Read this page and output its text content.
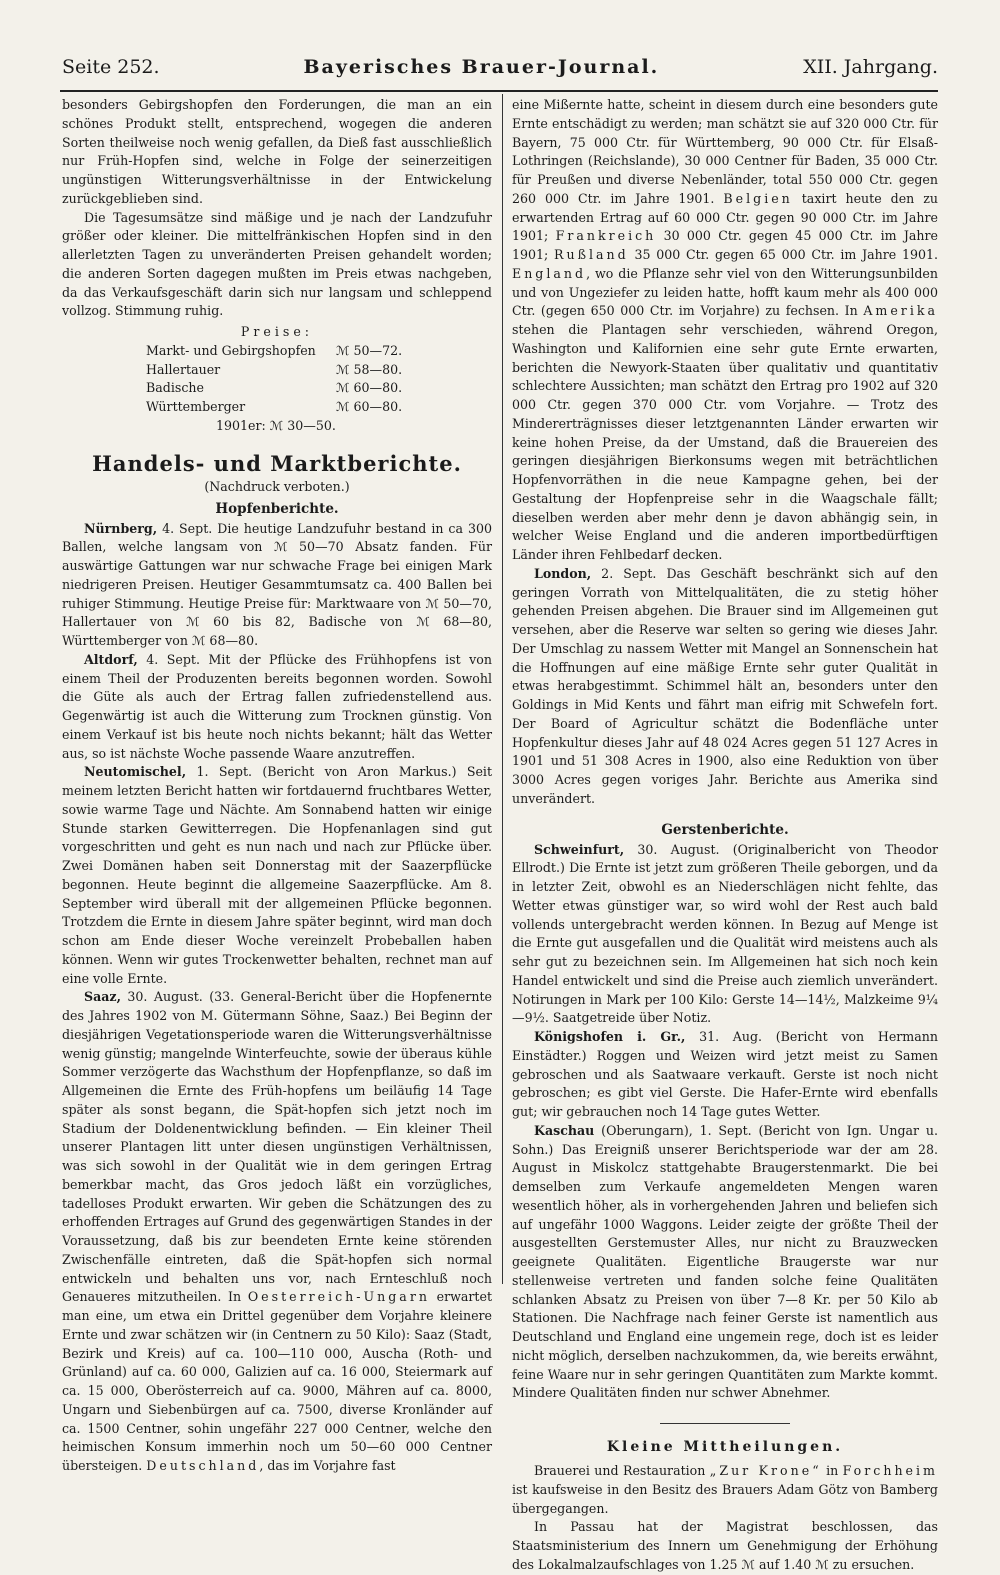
Seite 252.	Bayerisches Brauer-Journal.	XII. Jahrgang.

besonders Gebirgshopfen den Forderungen, die man an ein schönes Produkt stellt, entsprechend, wogegen die anderen Sorten theilweise noch wenig gefallen, da Dieß fast ausschließlich nur Früh-Hopfen sind, welche in Folge der seinerzeitigen ungünstigen Witterungsverhältnisse in der Entwickelung zurückgeblieben sind.

Die Tagesumsätze sind mäßige und je nach der Landzufuhr größer oder kleiner. Die mittelfränkischen Hopfen sind in den allerletzten Tagen zu unveränderten Preisen gehandelt worden; die anderen Sorten dagegen mußten im Preis etwas nachgeben, da das Verkaufsgeschäft darin sich nur langsam und schleppend vollzog. Stimmung ruhig.

Preise:
Markt- und Gebirgshopfen	ℳ 50—72.
Hallertauer	ℳ 58—80.
Badische	ℳ 60—80.
Württemberger	ℳ 60—80.
1901er: ℳ 30—50.
Handels- und Marktberichte.
(Nachdruck verboten.)
Hopfenberichte.

Nürnberg, 4. Sept. Die heutige Landzufuhr bestand in ca 300 Ballen, welche langsam von ℳ 50—70 Absatz fanden. Für auswärtige Gattungen war nur schwache Frage bei einigen Mark niedrigeren Preisen. Heutiger Gesammtumsatz ca. 400 Ballen bei ruhiger Stimmung. Heutige Preise für: Marktwaare von ℳ 50—70, Hallertauer von ℳ 60 bis 82, Badische von ℳ 68—80, Württemberger von ℳ 68—80.

Altdorf, 4. Sept. Mit der Pflücke des Frühhopfens ist von einem Theil der Produzenten bereits begonnen worden. Sowohl die Güte als auch der Ertrag fallen zufriedenstellend aus. Gegenwärtig ist auch die Witterung zum Trocknen günstig. Von einem Verkauf ist bis heute noch nichts bekannt; hält das Wetter aus, so ist nächste Woche passende Waare anzutreffen.

Neutomischel, 1. Sept. (Bericht von Aron Markus.) Seit meinem letzten Bericht hatten wir fortdauernd fruchtbares Wetter, sowie warme Tage und Nächte. Am Sonnabend hatten wir einige Stunde starken Gewitterregen. Die Hopfenanlagen sind gut vorgeschritten und geht es nun nach und nach zur Pflücke über. Zwei Domänen haben seit Donnerstag mit der Saazerpflücke begonnen. Heute beginnt die allgemeine Saazerpflücke. Am 8. September wird überall mit der allgemeinen Pflücke begonnen. Trotzdem die Ernte in diesem Jahre später beginnt, wird man doch schon am Ende dieser Woche vereinzelt Probeballen haben können. Wenn wir gutes Trockenwetter behalten, rechnet man auf eine volle Ernte.

Saaz, 30. August. (33. General-Bericht über die Hopfenernte des Jahres 1902 von M. Gütermann Söhne, Saaz.) Bei Beginn der diesjährigen Vegetationsperiode waren die Witterungsverhältnisse wenig günstig; mangelnde Winterfeuchte, sowie der überaus kühle Sommer verzögerte das Wachsthum der Hopfenpflanze, so daß im Allgemeinen die Ernte des Früh-hopfens um beiläufig 14 Tage später als sonst begann, die Spät-hopfen sich jetzt noch im Stadium der Doldenentwicklung befinden. — Ein kleiner Theil unserer Plantagen litt unter diesen ungünstigen Verhältnissen, was sich sowohl in der Qualität wie in dem geringen Ertrag bemerkbar macht, das Gros jedoch läßt ein vorzügliches, tadelloses Produkt erwarten. Wir geben die Schätzungen des zu erhoffenden Ertrages auf Grund des gegenwärtigen Standes in der Voraussetzung, daß bis zur beendeten Ernte keine störenden Zwischenfälle eintreten, daß die Spät-hopfen sich normal entwickeln und behalten uns vor, nach Ernteschluß noch Genaueres mitzutheilen. In Oesterreich-Ungarn erwartet man eine, um etwa ein Drittel gegenüber dem Vorjahre kleinere Ernte und zwar schätzen wir (in Centnern zu 50 Kilo): Saaz (Stadt, Bezirk und Kreis) auf ca. 100—110 000, Auscha (Roth- und Grünland) auf ca. 60 000, Galizien auf ca. 16 000, Steiermark auf ca. 15 000, Oberösterreich auf ca. 9000, Mähren auf ca. 8000, Ungarn und Siebenbürgen auf ca. 7500, diverse Kronländer auf ca. 1500 Centner, sohin ungefähr 227 000 Centner, welche den heimischen Konsum immerhin noch um 50—60 000 Centner übersteigen. Deutschland, das im Vorjahre fast

eine Mißernte hatte, scheint in diesem durch eine besonders gute Ernte entschädigt zu werden; man schätzt sie auf 320 000 Ctr. für Bayern, 75 000 Ctr. für Württemberg, 90 000 Ctr. für Elsaß-Lothringen (Reichslande), 30 000 Centner für Baden, 35 000 Ctr. für Preußen und diverse Nebenländer, total 550 000 Ctr. gegen 260 000 Ctr. im Jahre 1901. Belgien taxirt heute den zu erwartenden Ertrag auf 60 000 Ctr. gegen 90 000 Ctr. im Jahre 1901; Frankreich 30 000 Ctr. gegen 45 000 Ctr. im Jahre 1901; Rußland 35 000 Ctr. gegen 65 000 Ctr. im Jahre 1901. England, wo die Pflanze sehr viel von den Witterungsunbilden und von Ungeziefer zu leiden hatte, hofft kaum mehr als 400 000 Ctr. (gegen 650 000 Ctr. im Vorjahre) zu fechsen. In Amerika stehen die Plantagen sehr verschieden, während Oregon, Washington und Kalifornien eine sehr gute Ernte erwarten, berichten die Newyork-Staaten über qualitativ und quantitativ schlechtere Aussichten; man schätzt den Ertrag pro 1902 auf 320 000 Ctr. gegen 370 000 Ctr. vom Vorjahre. — Trotz des Mindererträgnisses dieser letztgenannten Länder erwarten wir keine hohen Preise, da der Umstand, daß die Brauereien des geringen diesjährigen Bierkonsums wegen mit beträchtlichen Hopfenvorräthen in die neue Kampagne gehen, bei der Gestaltung der Hopfenpreise sehr in die Waagschale fällt; dieselben werden aber mehr denn je davon abhängig sein, in welcher Weise England und die anderen importbedürftigen Länder ihren Fehlbedarf decken.

London, 2. Sept. Das Geschäft beschränkt sich auf den geringen Vorrath von Mittelqualitäten, die zu stetig höher gehenden Preisen abgehen. Die Brauer sind im Allgemeinen gut versehen, aber die Reserve war selten so gering wie dieses Jahr. Der Umschlag zu nassem Wetter mit Mangel an Sonnenschein hat die Hoffnungen auf eine mäßige Ernte sehr guter Qualität in etwas herabgestimmt. Schimmel hält an, besonders unter den Goldings in Mid Kents und fährt man eifrig mit Schwefeln fort. Der Board of Agricultur schätzt die Bodenfläche unter Hopfenkultur dieses Jahr auf 48 024 Acres gegen 51 127 Acres in 1901 und 51 308 Acres in 1900, also eine Reduktion von über 3000 Acres gegen voriges Jahr. Berichte aus Amerika sind unverändert.

Gerstenberichte.

Schweinfurt, 30. August. (Originalbericht von Theodor Ellrodt.) Die Ernte ist jetzt zum größeren Theile geborgen, und da in letzter Zeit, obwohl es an Niederschlägen nicht fehlte, das Wetter etwas günstiger war, so wird wohl der Rest auch bald vollends untergebracht werden können. In Bezug auf Menge ist die Ernte gut ausgefallen und die Qualität wird meistens auch als sehr gut zu bezeichnen sein. Im Allgemeinen hat sich noch kein Handel entwickelt und sind die Preise auch ziemlich unverändert. Notirungen in Mark per 100 Kilo: Gerste 14—14½, Malzkeime 9¼—9½. Saatgetreide über Notiz.

Königshofen i. Gr., 31. Aug. (Bericht von Hermann Einstädter.) Roggen und Weizen wird jetzt meist zu Samen gebroschen und als Saatwaare verkauft. Gerste ist noch nicht gebroschen; es gibt viel Gerste. Die Hafer-Ernte wird ebenfalls gut; wir gebrauchen noch 14 Tage gutes Wetter.

Kaschau (Oberungarn), 1. Sept. (Bericht von Ign. Ungar u. Sohn.) Das Ereigniß unserer Berichtsperiode war der am 28. August in Miskolcz stattgehabte Braugerstenmarkt. Die bei demselben zum Verkaufe angemeldeten Mengen waren wesentlich höher, als in vorhergehenden Jahren und beliefen sich auf ungefähr 1000 Waggons. Leider zeigte der größte Theil der ausgestellten Gerstemuster Alles, nur nicht zu Brauzwecken geeignete Qualitäten. Eigentliche Braugerste war nur stellenweise vertreten und fanden solche feine Qualitäten schlanken Absatz zu Preisen von über 7—8 Kr. per 50 Kilo ab Stationen. Die Nachfrage nach feiner Gerste ist namentlich aus Deutschland und England eine ungemein rege, doch ist es leider nicht möglich, derselben nachzukommen, da, wie bereits erwähnt, feine Waare nur in sehr geringen Quantitäten zum Markte kommt. Mindere Qualitäten finden nur schwer Abnehmer.

Kleine Mittheilungen.

Brauerei und Restauration „Zur Krone“ in Forchheim ist kaufsweise in den Besitz des Brauers Adam Götz von Bamberg übergegangen.

In Passau hat der Magistrat beschlossen, das Staatsministerium des Innern um Genehmigung der Erhöhung des Lokalmalzaufschlages von 1.25 ℳ auf 1.40 ℳ zu ersuchen.
